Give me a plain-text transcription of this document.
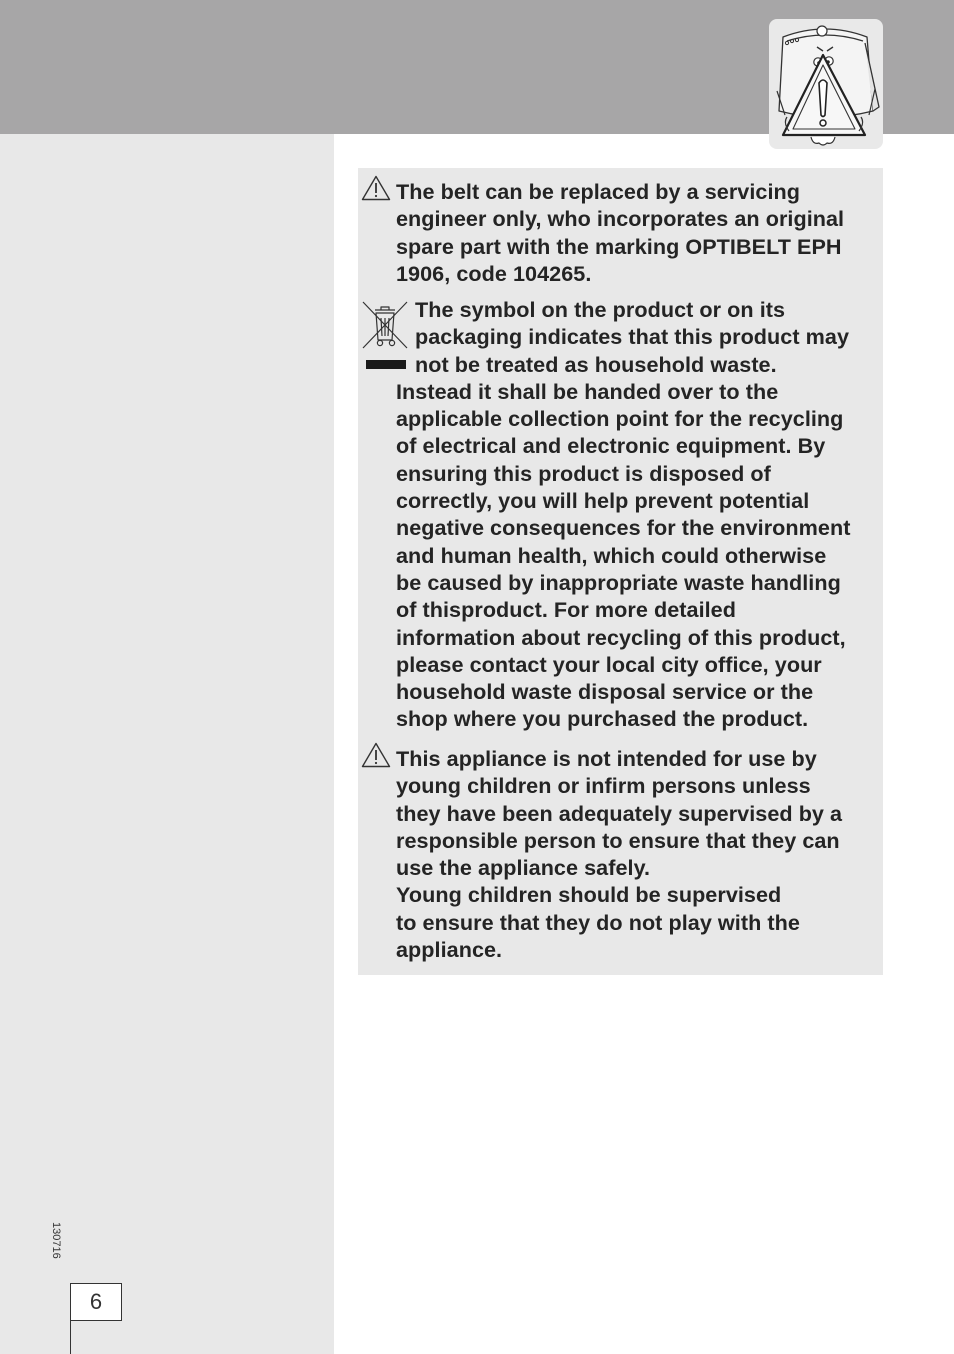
The belt can be replaced by a servicing
engineer only, who incorporates an original
spare part with the marking OPTIBELT EPH
1906, code 104265.
The symbol on the product or on its
packaging indicates that this product may
not be treated as household waste.
Instead it shall be handed over to the
applicable collection point for the recycling
of electrical and electronic equipment. By
ensuring this product is disposed of
correctly, you will help prevent potential
negative consequences for the environment
and human health, which could otherwise
be caused by inappropriate waste handling
of thisproduct. For more detailed
information about recycling of this product,
please contact your local city office, your
household waste disposal service or the
shop where you purchased the product.
This appliance is not intended for use by
young children or infirm persons unless
they have been adequately supervised by a
responsible person to ensure that they can
use the appliance safely.
Young children should be supervised
to ensure that they do not play with the
appliance.
130716
6
